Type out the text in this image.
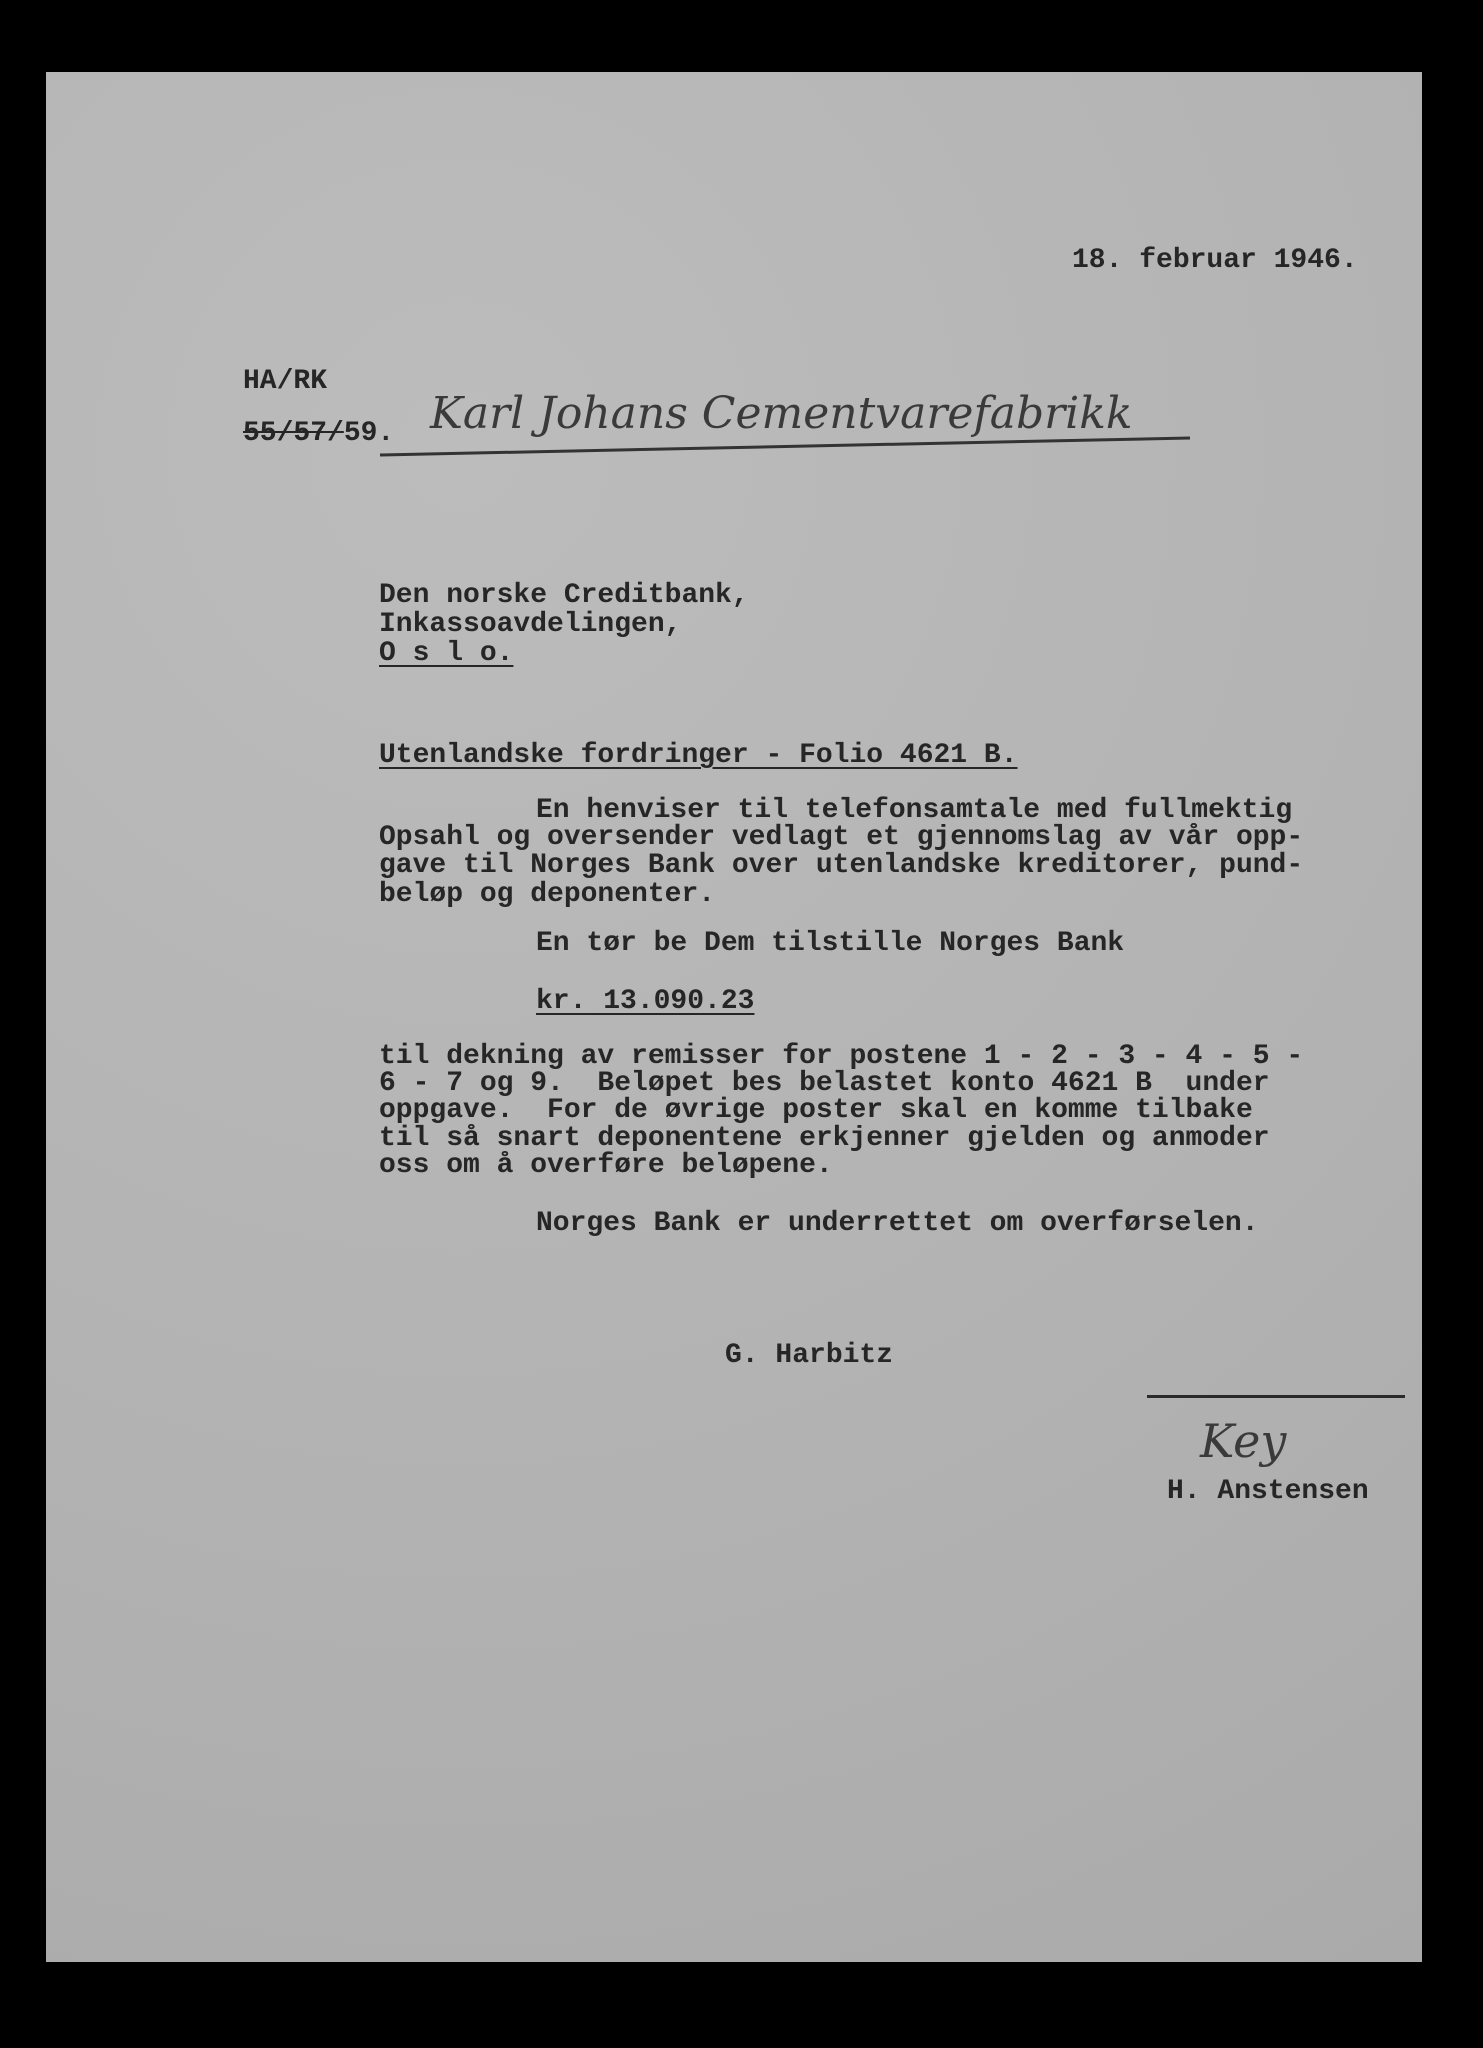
18. februar 1946.
HA/RK
55/57/59. Karl Johans Cementvarefabrikk
Den norske Creditbank,
Inkassoavdelingen,
O s l o.
Utenlandske fordringer - Folio 4621 B.
En henviser til telefonsamtale med fullmektig
Opsahl og oversender vedlagt et gjennomslag av vår opp-
gave til Norges Bank over utenlandske kreditorer, pund-
beløp og deponenter.
En tør be Dem tilstille Norges Bank
kr. 13.090.23
til dekning av remisser for postene 1 - 2 - 3 - 4 - 5 -
6 - 7 og 9.  Beløpet bes belastet konto 4621 B  under
oppgave.  For de øvrige poster skal en komme tilbake
til så snart deponentene erkjenner gjelden og anmoder
oss om å overføre beløpene.
Norges Bank er underrettet om overførselen.
G. Harbitz
Key
H. Anstensen
